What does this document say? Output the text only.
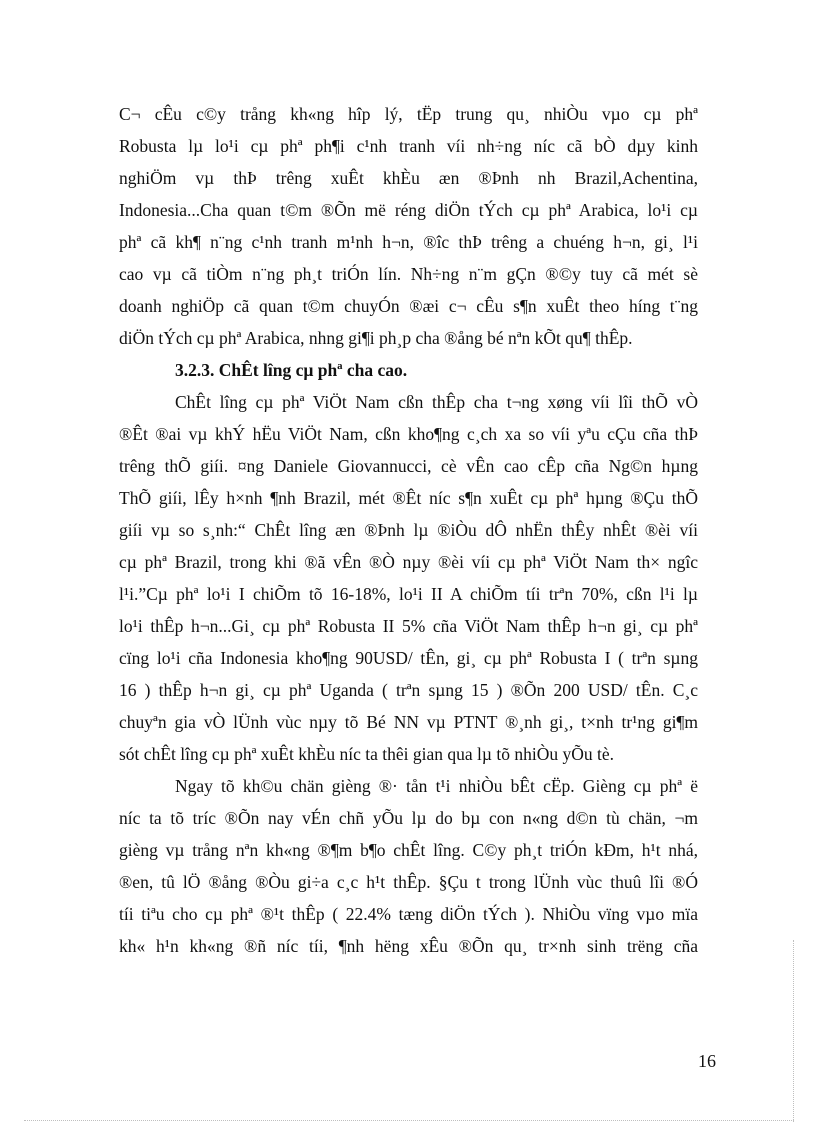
C¬ cÊu c©y trång kh«ng hîp lý, tËp trung qu¸ nhiÒu vµo cµ phª
Robusta lµ lo¹i cµ phª ph¶i c¹nh tranh víi nh÷ng níc cã bÒ dµy kinh
nghiÖm vµ thÞ trêng xuÊt khÈu æn ®Þnh nh Brazil,Achentina,
Indonesia...Cha quan t©m ®Õn më réng diÖn tÝch cµ phª Arabica, lo¹i cµ
phª cã kh¶ n¨ng c¹nh tranh m¹nh h¬n, ®îc thÞ trêng a chuéng h¬n, gi¸ l¹i
cao vµ cã tiÒm n¨ng ph¸t triÓn lín. Nh÷ng n¨m gÇn ®©y tuy cã mét sè
doanh nghiÖp cã quan t©m chuyÓn ®æi c¬ cÊu s¶n xuÊt theo híng t¨ng
diÖn tÝch cµ phª Arabica, nhng gi¶i ph¸p cha ®ång bé nªn kÕt qu¶ thÊp.
3.2.3. ChÊt lîng cµ phª cha cao.
ChÊt lîng cµ phª ViÖt Nam cßn thÊp cha t¬ng xøng víi lîi thÕ vÒ
®Êt ®ai vµ khÝ hËu ViÖt Nam, cßn kho¶ng c¸ch xa so víi yªu cÇu cña thÞ
trêng thÕ giíi. ¤ng Daniele Giovannucci, cè vÊn cao cÊp cña Ng©n hµng
ThÕ giíi, lÊy h×nh ¶nh Brazil, mét ®Êt níc s¶n xuÊt cµ phª hµng ®Çu thÕ
giíi vµ so s¸nh:“ ChÊt lîng æn ®Þnh lµ ®iÒu dÔ nhËn thÊy nhÊt ®èi víi
cµ phª Brazil, trong khi ®ã vÊn ®Ò nµy ®èi víi cµ phª ViÖt Nam th× ngîc
l¹i.”Cµ phª lo¹i I chiÕm tõ 16-18%, lo¹i II A chiÕm tíi trªn 70%, cßn l¹i lµ
lo¹i thÊp h¬n...Gi¸ cµ phª Robusta II 5% cña ViÖt Nam thÊp h¬n gi¸ cµ phª
cïng lo¹i cña Indonesia kho¶ng 90USD/ tÊn, gi¸ cµ phª Robusta I ( trªn sµng
16 ) thÊp h¬n gi¸ cµ phª Uganda ( trªn sµng 15 ) ®Õn 200 USD/ tÊn. C¸c
chuyªn gia vÒ lÜnh vùc nµy tõ Bé NN vµ PTNT ®¸nh gi¸, t×nh tr¹ng gi¶m
sót chÊt lîng cµ phª xuÊt khÈu níc ta thêi gian qua lµ tõ nhiÒu yÕu tè.
Ngay tõ kh©u chän gièng ®· tån t¹i nhiÒu bÊt cËp. Gièng cµ phª ë
níc ta tõ tríc ®Õn nay vÉn chñ yÕu lµ do bµ con n«ng d©n tù chän, ¬m
gièng vµ trång nªn kh«ng ®¶m b¶o chÊt lîng. C©y ph¸t triÓn kÐm, h¹t nhá,
®en, tû lÖ ®ång ®Òu gi÷a c¸c h¹t thÊp. §Çu t trong lÜnh vùc thuû lîi ®Ó
tíi tiªu cho cµ phª ®¹t thÊp ( 22.4% tæng diÖn tÝch ). NhiÒu vïng vµo mïa
kh« h¹n kh«ng ®ñ níc tíi, ¶nh hëng xÊu ®Õn qu¸ tr×nh sinh trëng cña
16
